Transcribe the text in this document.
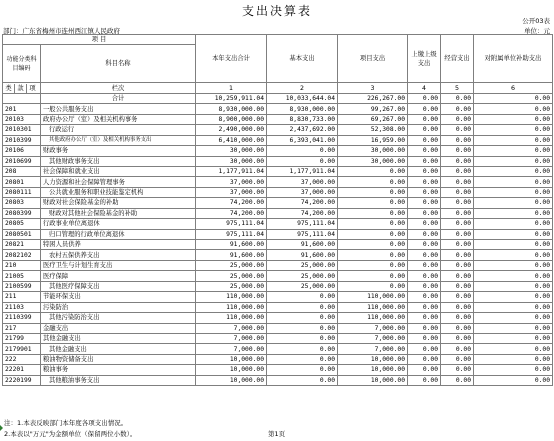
支出决算表
公开03表
单位：元
部门：广东省梅州市连州西江镇人民政府
项 目		本年支出合计	基本支出	项目支出	上缴上级支出	经营支出	对附属单位补助支出
功能分类科目编码	科目名称						

类 款 项	栏次	1	2	3	4	5	6
	合计	10,259,911.04	10,033,644.04	226,267.00	0.00	0.00	0.00
201	一般公共服务支出	8,930,000.00	8,930,000.00	99,267.00	0.00	0.00	0.00
20103	政府办公厅（室）及相关机构事务	8,900,000.00	8,830,733.00	69,267.00	0.00	0.00	0.00
2010301	行政运行	2,490,000.00	2,437,692.00	52,308.00	0.00	0.00	0.00
2010399	其他政府办公厅（室）及相关机构事务支出	6,410,000.00	6,393,041.00	16,959.00	0.00	0.00	0.00
20106	财政事务	30,000.00	0.00	30,000.00	0.00	0.00	0.00
2010699	其他财政事务支出	30,000.00	0.00	30,000.00	0.00	0.00	0.00
208	社会保障和就业支出	1,177,911.04	1,177,911.04	0.00	0.00	0.00	0.00
20801	人力资源和社会保障管理事务	37,000.00	37,000.00	0.00	0.00	0.00	0.00
2080111	公共就业服务和职业技能鉴定机构	37,000.00	37,000.00	0.00	0.00	0.00	0.00
20803	财政对社会保险基金的补助	74,200.00	74,200.00	0.00	0.00	0.00	0.00
2080399	财政对其他社会保险基金的补助	74,200.00	74,200.00	0.00	0.00	0.00	0.00
20805	行政事业单位离退休	975,111.04	975,111.04	0.00	0.00	0.00	0.00
2080501	归口管理的行政单位离退休	975,111.04	975,111.04	0.00	0.00	0.00	0.00
20821	特困人员供养	91,600.00	91,600.00	0.00	0.00	0.00	0.00
2082102	农村五保供养支出	91,600.00	91,600.00	0.00	0.00	0.00	0.00
210	医疗卫生与计划生育支出	25,000.00	25,000.00	0.00	0.00	0.00	0.00
21005	医疗保障	25,000.00	25,000.00	0.00	0.00	0.00	0.00
2100599	其他医疗保障支出	25,000.00	25,000.00	0.00	0.00	0.00	0.00
211	节能环保支出	110,000.00	0.00	110,000.00	0.00	0.00	0.00
21103	污染防治	110,000.00	0.00	110,000.00	0.00	0.00	0.00
2110399	其他污染防治支出	110,000.00	0.00	110,000.00	0.00	0.00	0.00
217	金融支出	7,000.00	0.00	7,000.00	0.00	0.00	0.00
21799	其他金融支出	7,000.00	0.00	7,000.00	0.00	0.00	0.00
2179901	其他金融支出	7,000.00	0.00	7,000.00	0.00	0.00	0.00
222	粮油物资储备支出	10,000.00	0.00	10,000.00	0.00	0.00	0.00
22201	粮油事务	10,000.00	0.00	10,000.00	0.00	0.00	0.00
2220199	其他粮油事务支出	10,000.00	0.00	10,000.00	0.00	0.00	0.00
注：1.本表反映部门本年度各项支出情况。
2.本表以"万元"为金额单位（保留两位小数）。	第1页
